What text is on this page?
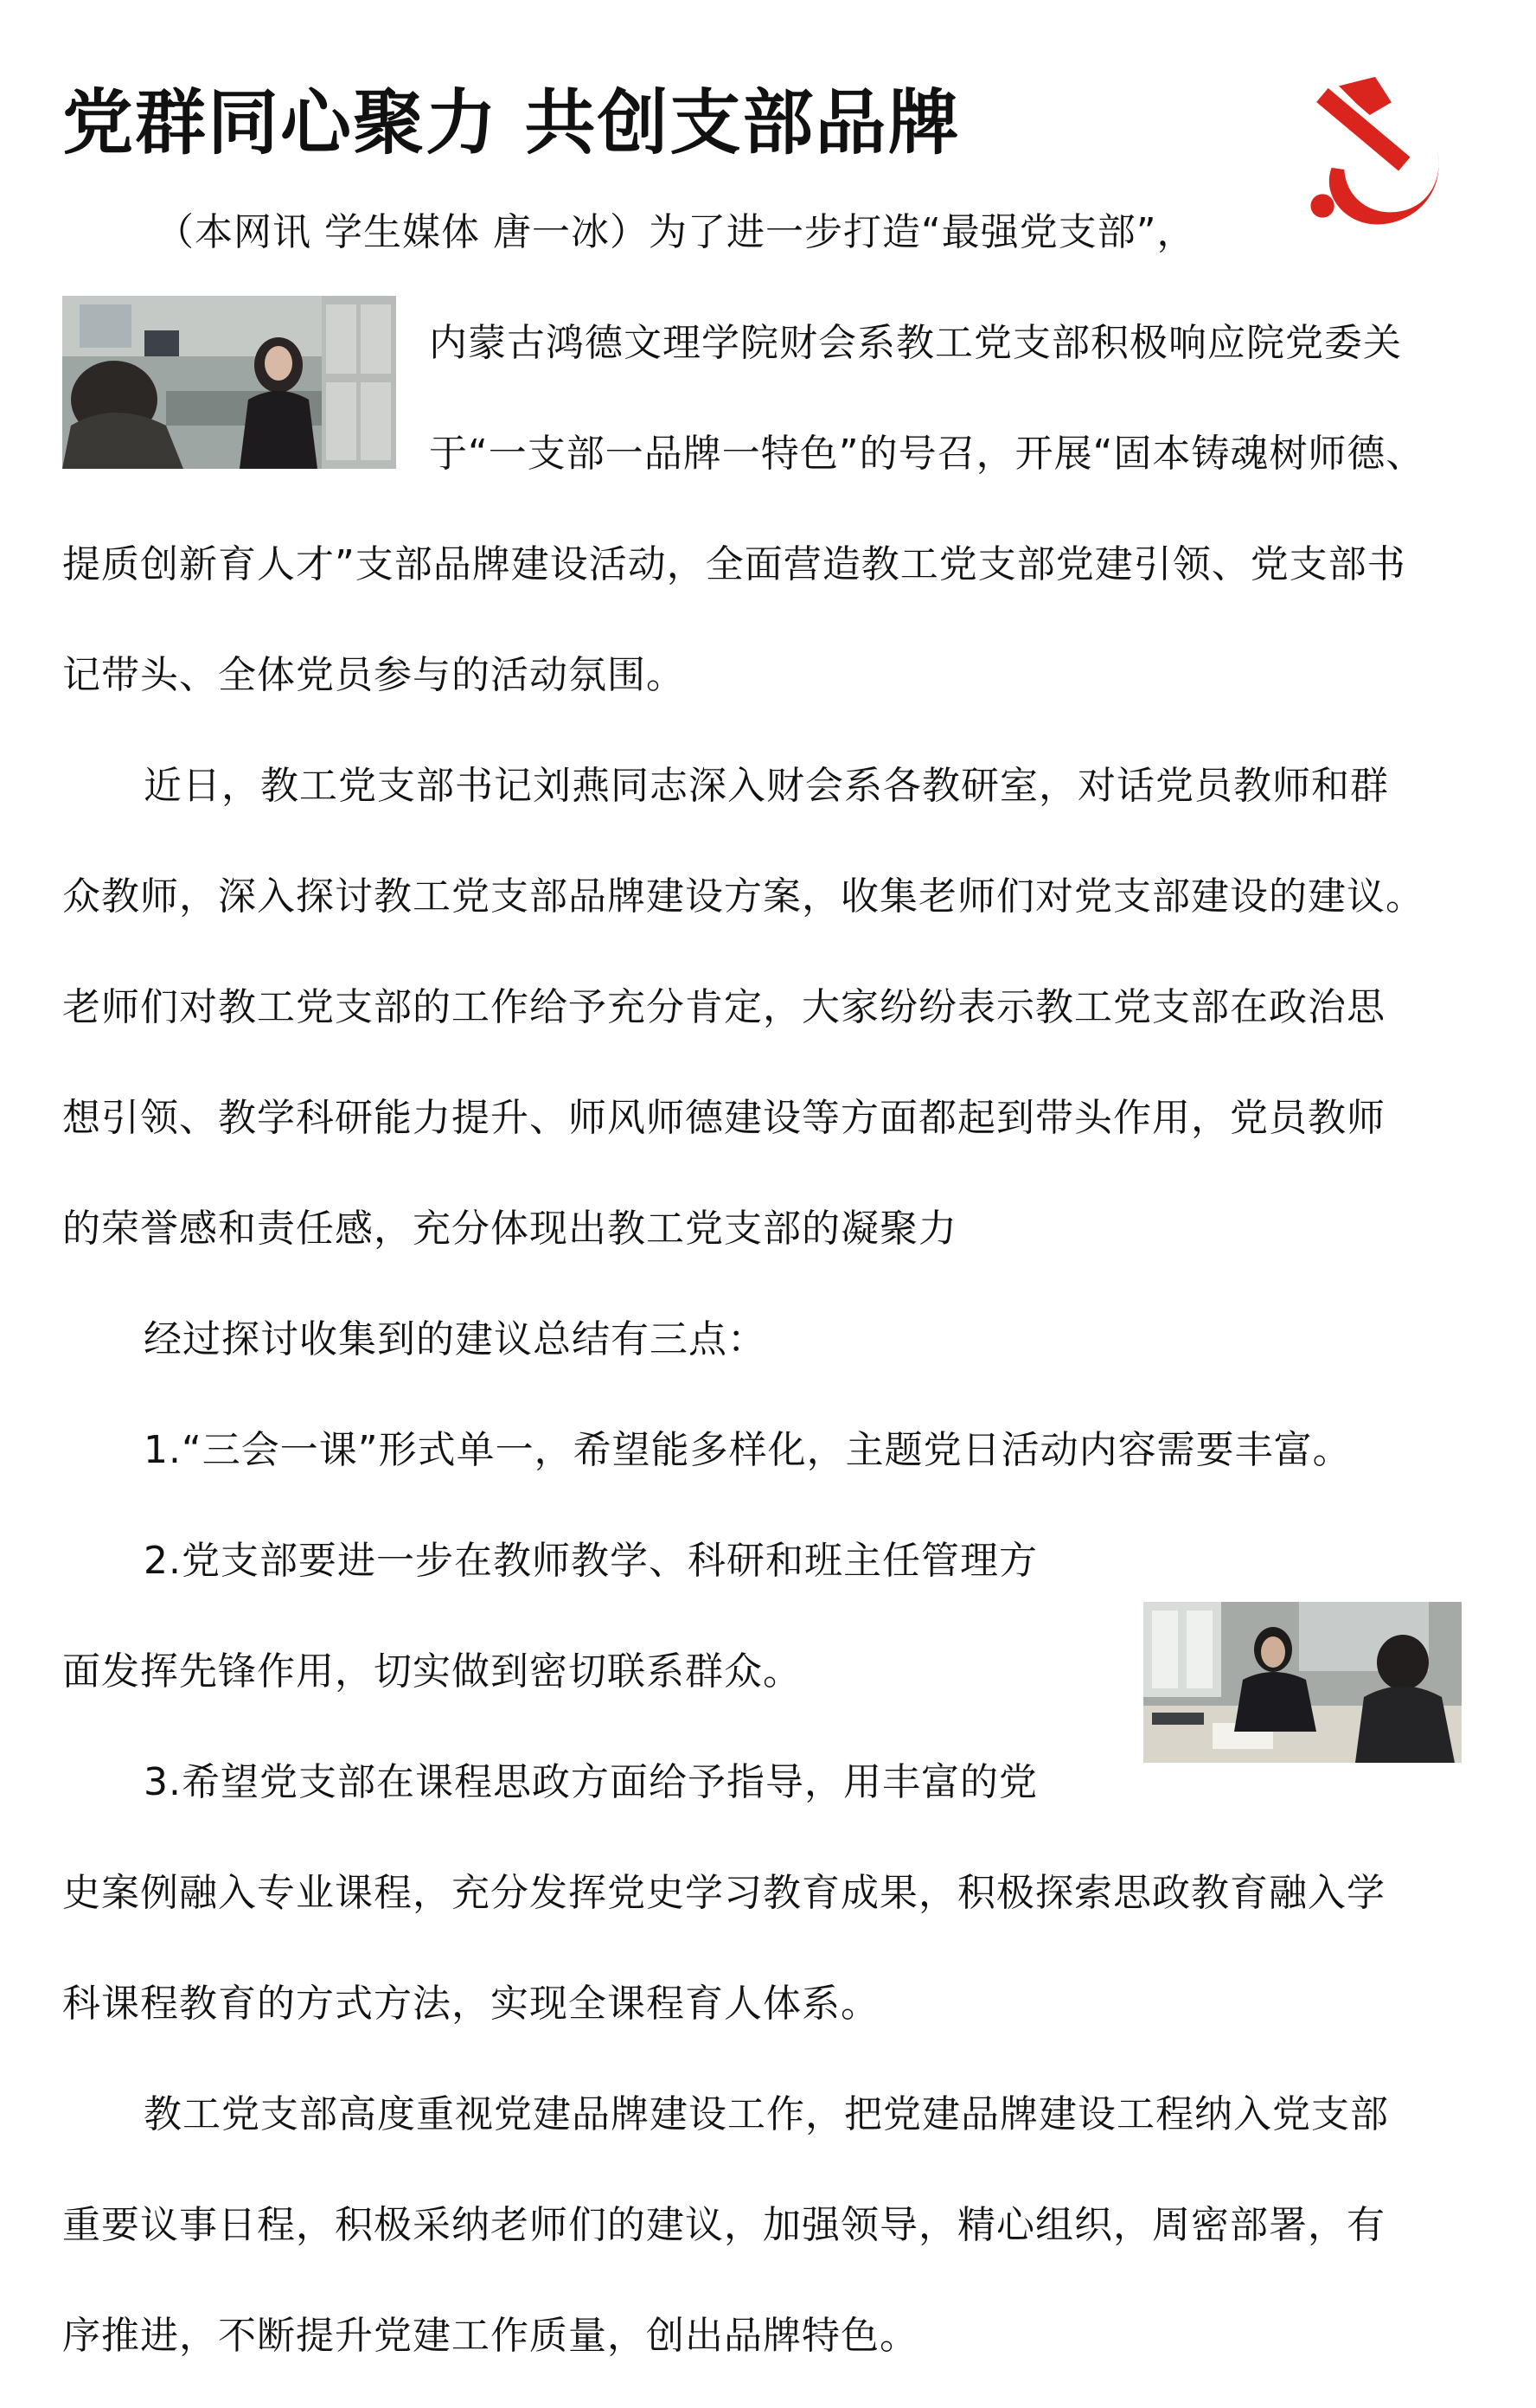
党群同心聚力 共创支部品牌
（本网讯 学生媒体 唐一冰）为了进一步打造“最强党支部”，
内蒙古鸿德文理学院财会系教工党支部积极响应院党委关
于“一支部一品牌一特色”的号召，开展“固本铸魂树师德、
提质创新育人才”支部品牌建设活动，全面营造教工党支部党建引领、党支部书
记带头、全体党员参与的活动氛围。
近日，教工党支部书记刘燕同志深入财会系各教研室，对话党员教师和群
众教师，深入探讨教工党支部品牌建设方案，收集老师们对党支部建设的建议。
老师们对教工党支部的工作给予充分肯定，大家纷纷表示教工党支部在政治思
想引领、教学科研能力提升、师风师德建设等方面都起到带头作用，党员教师
的荣誉感和责任感，充分体现出教工党支部的凝聚力
经过探讨收集到的建议总结有三点：
1.“三会一课”形式单一，希望能多样化，主题党日活动内容需要丰富。
2.党支部要进一步在教师教学、科研和班主任管理方
面发挥先锋作用，切实做到密切联系群众。
3.希望党支部在课程思政方面给予指导，用丰富的党
史案例融入专业课程，充分发挥党史学习教育成果，积极探索思政教育融入学
科课程教育的方式方法，实现全课程育人体系。
教工党支部高度重视党建品牌建设工作，把党建品牌建设工程纳入党支部
重要议事日程，积极采纳老师们的建议，加强领导，精心组织，周密部署，有
序推进，不断提升党建工作质量，创出品牌特色。
